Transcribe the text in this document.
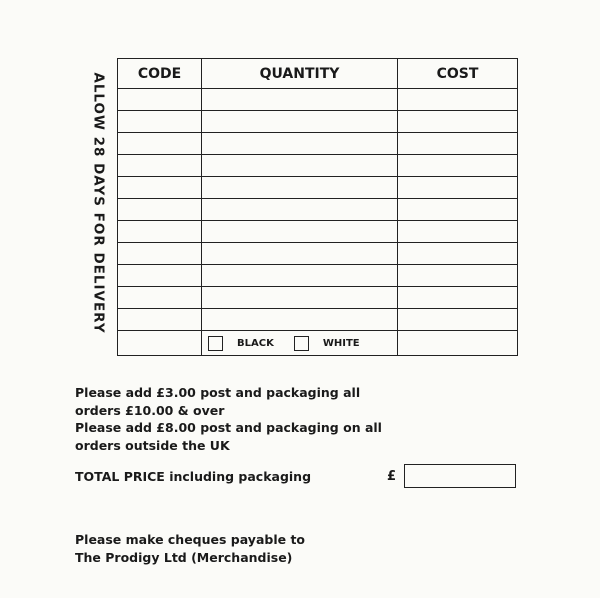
ALLOW 28 DAYS FOR DELIVERY CODE	QUANTITY	COST

	BLACK WHITE	

Please add £3.00 post and packaging all

orders £10.00 & over

Please add £8.00 post and packaging on all

orders outside the UK

TOTAL PRICE including packaging	£

Please make cheques payable to

The Prodigy Ltd (Merchandise)
